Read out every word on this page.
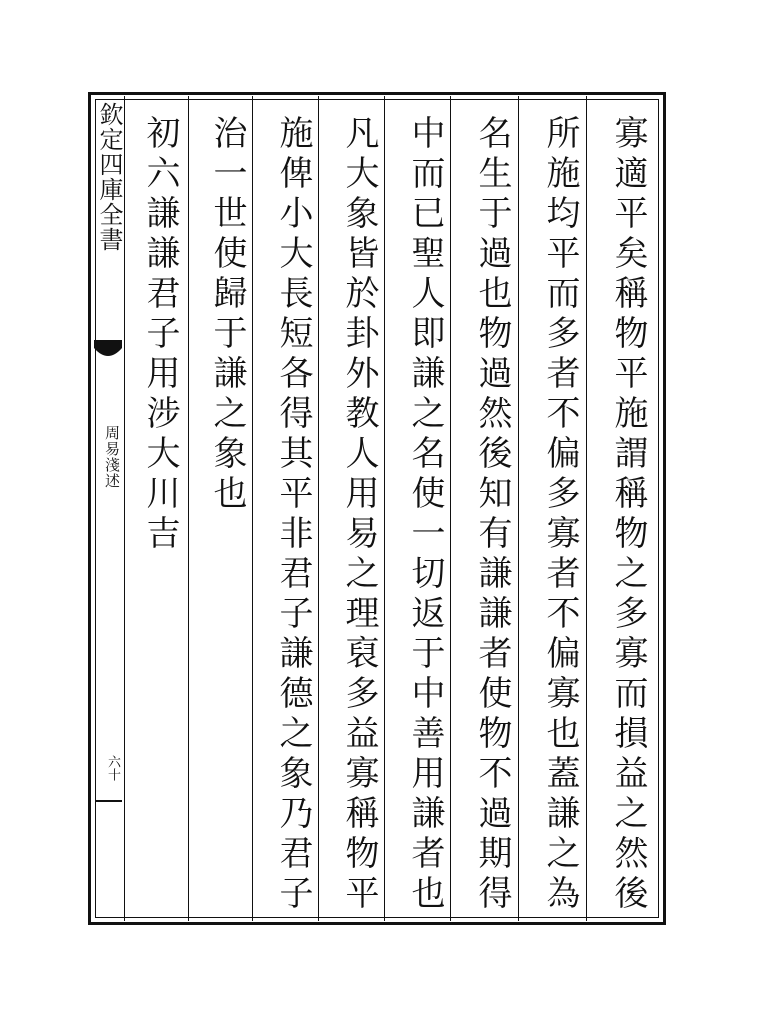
欽定四庫全書
周易淺述
六十	寡適平矣稱物平施謂稱物之多寡而損益之然後
所施均平而多者不偏多寡者不偏寡也蓋謙之為
名生于過也物過然後知有謙謙者使物不過期得
中而已聖人即謙之名使一切返于中善用謙者也
凡大象皆於卦外教人用易之理裒多益寡稱物平
施俾小大長短各得其平非君子謙德之象乃君子
治一世使歸于謙之象也
初六謙謙君子用涉大川吉
